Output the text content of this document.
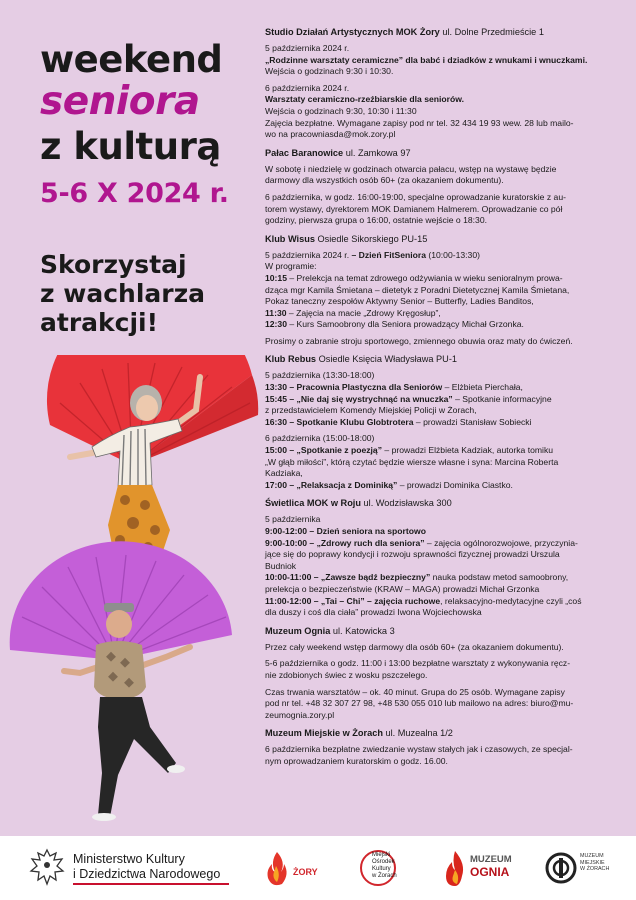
weekend
seniora
z kulturą
5-6 X 2024 r.
Skorzystaj
z wachlarza
atrakcji!
Studio Działań Artystycznych MOK Żory ul. Dolne Przedmieście 1
5 października 2024 r.
„Rodzinne warsztaty ceramiczne” dla babć i dziadków z wnukami i wnuczkami.
Wejścia o godzinach 9:30 i 10:30.
6 października 2024 r.
Warsztaty ceramiczno-rzeźbiarskie dla seniorów.
Wejścia o godzinach 9:30, 10:30 i 11:30
Zajęcia bezpłatne. Wymagane zapisy pod nr tel. 32 434 19 93 wew. 28 lub mailo-
wo na pracowniasda@mok.zory.pl
Pałac Baranowice ul. Zamkowa 97
W sobotę i niedzielę w godzinach otwarcia pałacu, wstęp na wystawę będzie
darmowy dla wszystkich osób 60+ (za okazaniem dokumentu).
6 października, w godz. 16:00-19:00, specjalne oprowadzanie kuratorskie z au-
torem wystawy, dyrektorem MOK Damianem Halmerem. Oprowadzanie co pół
godziny, pierwsza grupa o 16:00, ostatnie wejście o 18:30.
Klub Wisus Osiedle Sikorskiego PU-15
5 października 2024 r. – Dzień FitSeniora (10:00-13:30)
W programie:
10:15 – Prelekcja na temat zdrowego odżywiania w wieku senioralnym prowa-
dząca mgr Kamila Śmietana – dietetyk z Poradni Dietetycznej Kamila Śmietana,
Pokaz taneczny zespołów Aktywny Senior – Butterfly, Ladies Banditos,
11:30 – Zajęcia na macie „Zdrowy Kręgosłup”,
12:30 – Kurs Samoobrony dla Seniora prowadzący Michał Grzonka.
Prosimy o zabranie stroju sportowego, zmiennego obuwia oraz maty do ćwiczeń.
Klub Rebus Osiedle Księcia Władysława PU-1
5 października (13:30-18:00)
13:30 – Pracownia Plastyczna dla Seniorów – Elżbieta Pierchała,
15:45 – „Nie daj się wystrychnąć na wnuczka” – Spotkanie informacyjne
z przedstawicielem Komendy Miejskiej Policji w Żorach,
16:30 – Spotkanie Klubu Globtrotera – prowadzi Stanisław Sobiecki
6 października (15:00-18:00)
15:00 – „Spotkanie z poezją” – prowadzi Elżbieta Kadziak, autorka tomiku
„W głąb miłości”, którą czytać będzie wiersze własne i syna: Marcina Roberta
Kadziaka,
17:00 – „Relaksacja z Dominiką” – prowadzi Dominika Ciastko.
Świetlica MOK w Roju ul. Wodzisławska 300
5 października
9:00-12:00 – Dzień seniora na sportowo
9:00-10:00 – „Zdrowy ruch dla seniora” – zajęcia ogólnorozwojowe, przyczynia-
jące się do poprawy kondycji i rozwoju sprawności fizycznej prowadzi Urszula
Budniok
10:00-11:00 – „Zawsze bądź bezpieczny” nauka podstaw metod samoobrony,
prelekcja o bezpieczeństwie (KRAW – MAGA) prowadzi Michał Grzonka
11:00-12:00 – „Tai – Chi” – zajęcia ruchowe, relaksacyjno-medytacyjne czyli „coś
dla duszy i coś dla ciała” prowadzi Iwona Wojciechowska
Muzeum Ognia ul. Katowicka 3
Przez cały weekend wstęp darmowy dla osób 60+ (za okazaniem dokumentu).
5-6 października o godz. 11:00 i 13:00 bezpłatne warsztaty z wykonywania ręcz-
nie zdobionych świec z wosku pszczelego.
Czas trwania warsztatów – ok. 40 minut. Grupa do 25 osób. Wymagane zapisy
pod nr tel. +48 32 307 27 98, +48 530 055 010 lub mailowo na adres: biuro@mu-
zeumognia.zory.pl
Muzeum Miejskie w Żorach ul. Muzealna 1/2
6 października bezpłatne zwiedzanie wystaw stałych jak i czasowych, ze specjal-
nym oprowadzaniem kuratorskim o godz. 16.00.
Ministerstwo Kultury
i Dziedzictwa Narodowego	ŻORY
Miejski
Ośrodek
Kultury
w Żorach
MUZEUM
OGNIA
MUZEUM
MIEJSKIE
W ŻORACH
